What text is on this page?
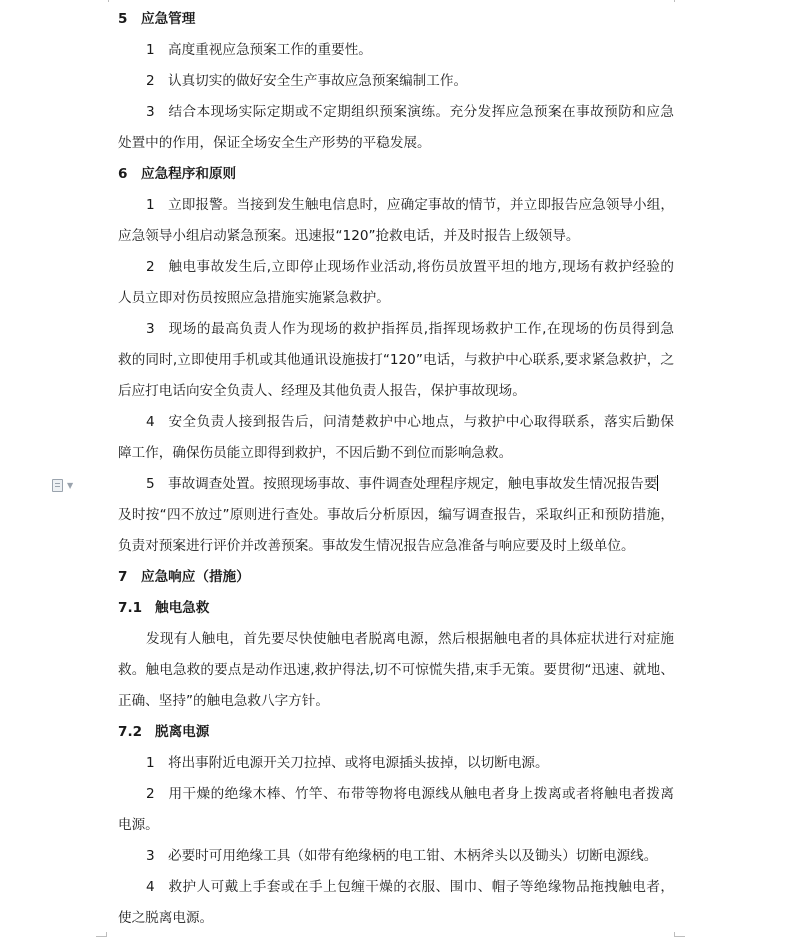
▼
5 应急管理
1 高度重视应急预案工作的重要性。
2 认真切实的做好安全生产事故应急预案编制工作。
3 结合本现场实际定期或不定期组织预案演练。充分发挥应急预案在事故预防和应急
处置中的作用，保证全场安全生产形势的平稳发展。
6 应急程序和原则
1 立即报警。当接到发生触电信息时，应确定事故的情节，并立即报告应急领导小组，
应急领导小组启动紧急预案。迅速报“120”抢救电话，并及时报告上级领导。
2 触电事故发生后,立即停止现场作业活动,将伤员放置平坦的地方,现场有救护经验的
人员立即对伤员按照应急措施实施紧急救护。
3 现场的最高负责人作为现场的救护指挥员,指挥现场救护工作,在现场的伤员得到急
救的同时,立即使用手机或其他通讯设施拔打“120”电话，与救护中心联系,要求紧急救护，之
后应打电话向安全负责人、经理及其他负责人报告，保护事故现场。
4 安全负责人接到报告后，问清楚救护中心地点，与救护中心取得联系，落实后勤保
障工作，确保伤员能立即得到救护，不因后勤不到位而影响急救。
5 事故调查处置。按照现场事故、事件调查处理程序规定，触电事故发生情况报告要
及时按“四不放过”原则进行查处。事故后分析原因，编写调查报告，采取纠正和预防措施，
负责对预案进行评价并改善预案。事故发生情况报告应急准备与响应要及时上级单位。
7 应急响应（措施）
7.1 触电急救
发现有人触电，首先要尽快使触电者脱离电源，然后根据触电者的具体症状进行对症施
救。触电急救的要点是动作迅速,救护得法,切不可惊慌失措,束手无策。要贯彻“迅速、就地、
正确、坚持”的触电急救八字方针。
7.2 脱离电源
1 将出事附近电源开关刀拉掉、或将电源插头拔掉，以切断电源。
2 用干燥的绝缘木棒、竹竿、布带等物将电源线从触电者身上拨离或者将触电者拨离
电源。
3 必要时可用绝缘工具（如带有绝缘柄的电工钳、木柄斧头以及锄头）切断电源线。
4 救护人可戴上手套或在手上包缠干燥的衣服、围巾、帽子等绝缘物品拖拽触电者，
使之脱离电源。
